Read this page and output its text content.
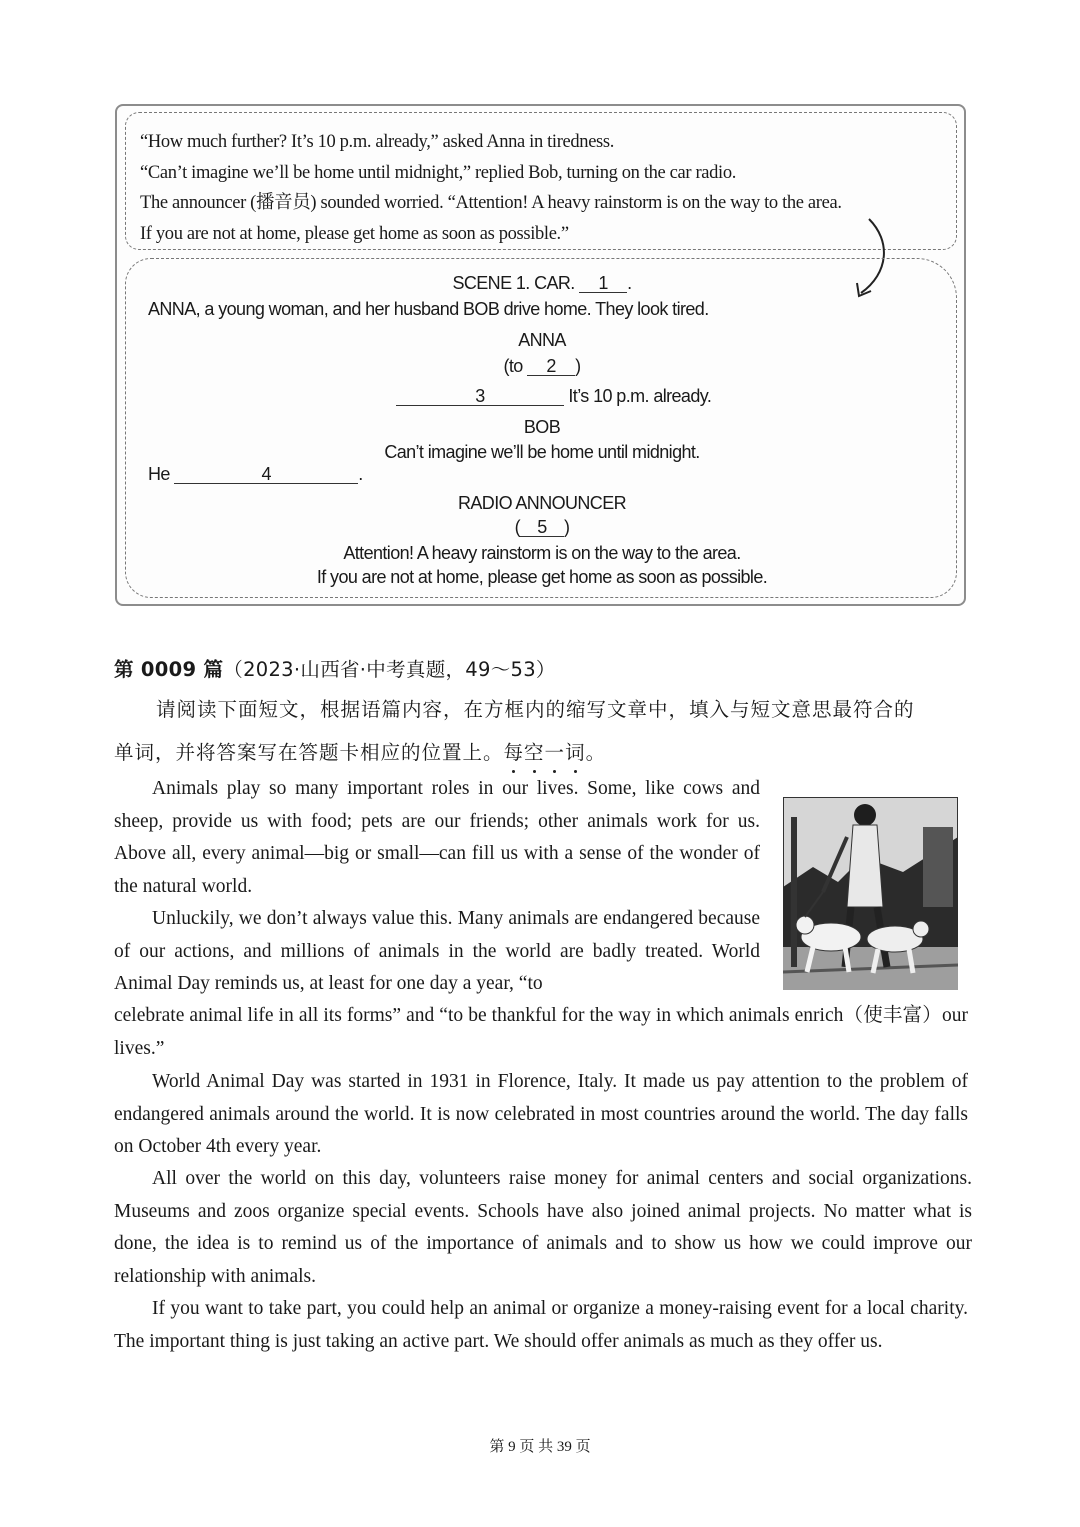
“How much further? It’s 10 p.m. already,” asked Anna in tiredness.
“Can’t imagine we’ll be home until midnight,” replied Bob, turning on the car radio.
The announcer (播音员) sounded worried. “Attention! A heavy rainstorm is on the way to the area.
If you are not at home, please get home as soon as possible.”
SCENE 1. CAR. 1 .
ANNA, a young woman, and her husband BOB drive home. They look tired.
ANNA
(to 2 )
3	It’s 10 p.m. already.
BOB
Can’t imagine we’ll be home until midnight.
He	4	.
RADIO ANNOUNCER
( 5 )
Attention! A heavy rainstorm is on the way to the area.
If you are not at home, please get home as soon as possible.
第 0009 篇（2023·山西省·中考真题，49～53）
请阅读下面短文，根据语篇内容，在方框内的缩写文章中，填入与短文意思最符合的
单词，并将答案写在答题卡相应的位置上。每空一词。

Animals play so many important roles in our lives. Some, like cows and sheep, provide us with food; pets are our friends; other animals work for us. Above all, every animal—big or small—can fill us with a sense of the wonder of the natural world.

Unluckily, we don’t always value this. Many animals are endangered because of our actions, and millions of animals in the world are badly treated. World Animal Day reminds us, at least for one day a year, “to

celebrate animal life in all its forms” and “to be thankful for the way in which animals enrich（使丰富）our lives.”

World Animal Day was started in 1931 in Florence, Italy. It made us pay attention to the problem of endangered animals around the world. It is now celebrated in most countries around the world. The day falls on October 4th every year.

All over the world on this day, volunteers raise money for animal centers and social organizations. Museums and zoos organize special events. Schools have also joined animal projects. No matter what is done, the idea is to remind us of the importance of animals and to show us how we could improve our relationship with animals.

If you want to take part, you could help an animal or organize a money-raising event for a local charity. The important thing is just taking an active part. We should offer animals as much as they offer us.

第 9 页 共 39 页
